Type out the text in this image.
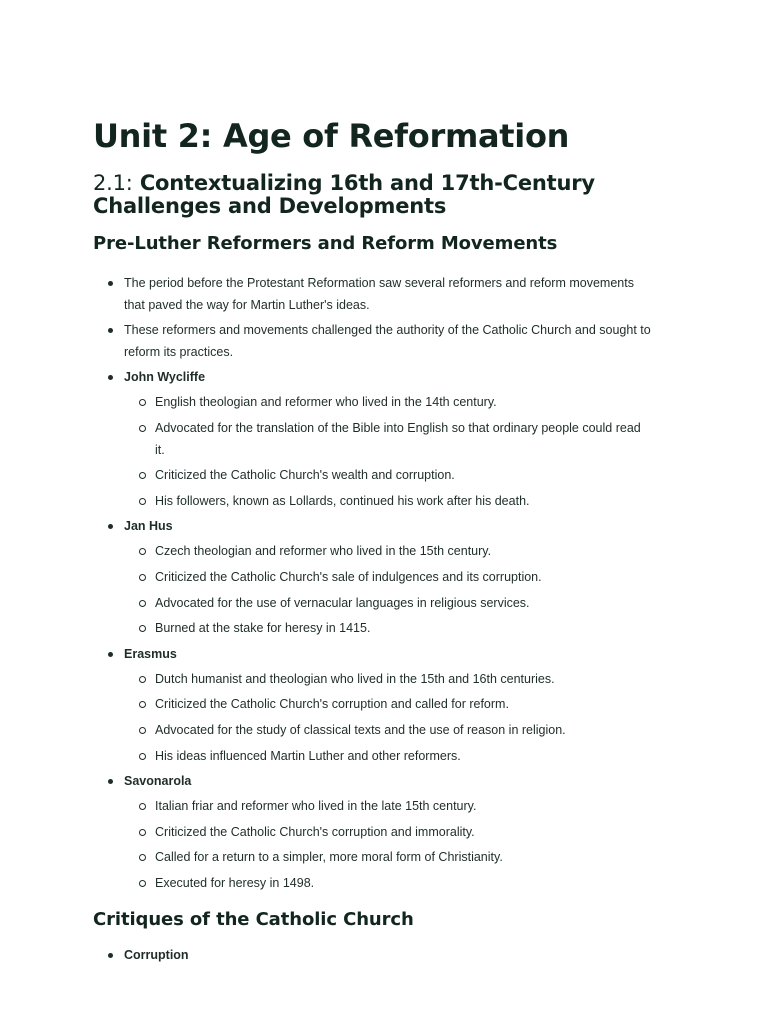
Unit 2: Age of Reformation
2.1: Contextualizing 16th and 17th-Century Challenges and Developments
Pre-Luther Reformers and Reform Movements
The period before the Protestant Reformation saw several reformers and reform movements that paved the way for Martin Luther's ideas.
These reformers and movements challenged the authority of the Catholic Church and sought to reform its practices.
John Wycliffe
English theologian and reformer who lived in the 14th century.
Advocated for the translation of the Bible into English so that ordinary people could read it.
Criticized the Catholic Church's wealth and corruption.
His followers, known as Lollards, continued his work after his death.
Jan Hus
Czech theologian and reformer who lived in the 15th century.
Criticized the Catholic Church's sale of indulgences and its corruption.
Advocated for the use of vernacular languages in religious services.
Burned at the stake for heresy in 1415.
Erasmus
Dutch humanist and theologian who lived in the 15th and 16th centuries.
Criticized the Catholic Church's corruption and called for reform.
Advocated for the study of classical texts and the use of reason in religion.
His ideas influenced Martin Luther and other reformers.
Savonarola
Italian friar and reformer who lived in the late 15th century.
Criticized the Catholic Church's corruption and immorality.
Called for a return to a simpler, more moral form of Christianity.
Executed for heresy in 1498.
Critiques of the Catholic Church
Corruption
